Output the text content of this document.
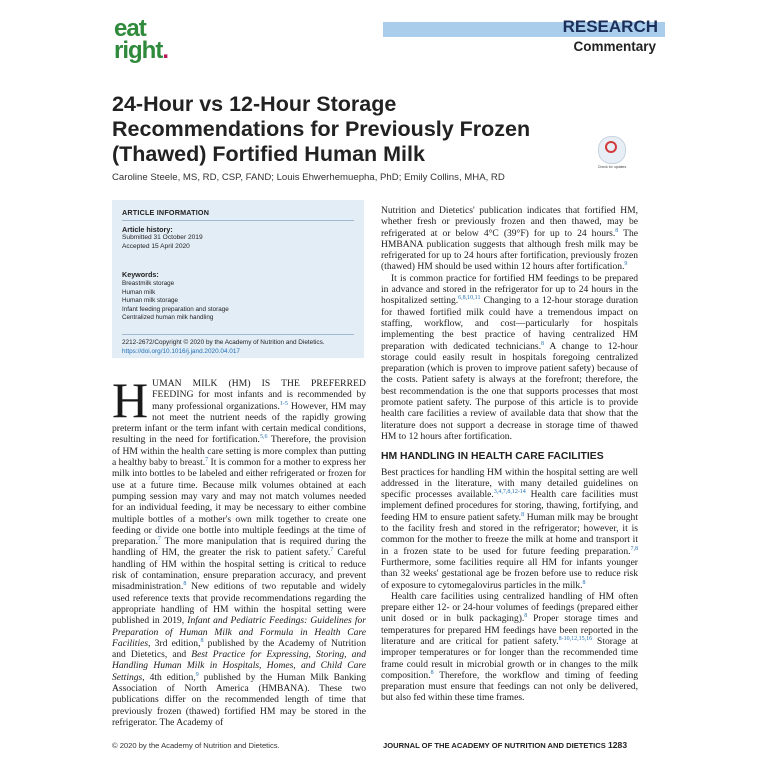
eat
right.
RESEARCH
Commentary
24-Hour vs 12-Hour Storage Recommendations for Previously Frozen (Thawed) Fortified Human Milk
Check for updates
Caroline Steele, MS, RD, CSP, FAND; Louis Ehwerhemuepha, PhD; Emily Collins, MHA, RD
ARTICLE INFORMATION
Article history:
Submitted 31 October 2019
Accepted 15 April 2020
Keywords:
Breastmilk storage
Human milk
Human milk storage
Infant feeding preparation and storage
Centralized human milk handling
2212-2672/Copyright © 2020 by the Academy of Nutrition and Dietetics.
https://doi.org/10.1016/j.jand.2020.04.017

HUMAN MILK (HM) IS THE PREFERRED FEEDING for most infants and is recommended by many professional organizations.$^{1-5}$ However, HM may not meet the nutrient needs of the rapidly growing preterm infant or the term infant with certain medical conditions, resulting in the need for fortification.$^{5,6}$ Therefore, the provision of HM within the health care setting is more complex than putting a healthy baby to breast.$^7$ It is common for a mother to express her milk into bottles to be labeled and either refrigerated or frozen for use at a future time. Because milk volumes obtained at each pumping session may vary and may not match volumes needed for an individual feeding, it may be necessary to either combine multiple bottles of a mother's own milk together to create one feeding or divide one bottle into multiple feedings at the time of preparation.$^7$ The more manipulation that is required during the handling of HM, the greater the risk to patient safety.$^7$ Careful handling of HM within the hospital setting is critical to reduce risk of contamination, ensure preparation accuracy, and prevent misadministration.$^8$ New editions of two reputable and widely used reference texts that provide recommendations regarding the appropriate handling of HM within the hospital setting were published in 2019, Infant and Pediatric Feedings: Guidelines for Preparation of Human Milk and Formula in Health Care Facilities, 3rd edition,$^8$ published by the Academy of Nutrition and Dietetics, and Best Practice for Expressing, Storing, and Handling Human Milk in Hospitals, Homes, and Child Care Settings, 4th edition,$^9$ published by the Human Milk Banking Association of North America (HMBANA). These two publications differ on the recommended length of time that previously frozen (thawed) fortified HM may be stored in the refrigerator. The Academy of

Nutrition and Dietetics' publication indicates that fortified HM, whether fresh or previously frozen and then thawed, may be refrigerated at or below 4°C (39°F) for up to 24 hours.$^8$ The HMBANA publication suggests that although fresh milk may be refrigerated for up to 24 hours after fortification, previously frozen (thawed) HM should be used within 12 hours after fortification.$^9$

It is common practice for fortified HM feedings to be prepared in advance and stored in the refrigerator for up to 24 hours in the hospitalized setting.$^{6,8,10,11}$ Changing to a 12-hour storage duration for thawed fortified milk could have a tremendous impact on staffing, workflow, and cost—particularly for hospitals implementing the best practice of having centralized HM preparation with dedicated technicians.$^8$ A change to 12-hour storage could easily result in hospitals foregoing centralized preparation (which is proven to improve patient safety) because of the costs. Patient safety is always at the forefront; therefore, the best recommendation is the one that supports processes that most promote patient safety. The purpose of this article is to provide health care facilities a review of available data that show that the literature does not support a decrease in storage time of thawed HM to 12 hours after fortification.

HM HANDLING IN HEALTH CARE FACILITIES

Best practices for handling HM within the hospital setting are well addressed in the literature, with many detailed guidelines on specific processes available.$^{3,4,7,8,12-14}$ Health care facilities must implement defined procedures for storing, thawing, fortifying, and feeding HM to ensure patient safety.$^8$ Human milk may be brought to the facility fresh and stored in the refrigerator; however, it is common for the mother to freeze the milk at home and transport it in a frozen state to be used for future feeding preparation.$^{7,8}$ Furthermore, some facilities require all HM for infants younger than 32 weeks' gestational age be frozen before use to reduce risk of exposure to cytomegalovirus particles in the milk.$^8$

Health care facilities using centralized handling of HM often prepare either 12- or 24-hour volumes of feedings (prepared either unit dosed or in bulk packaging).$^8$ Proper storage times and temperatures for prepared HM feedings have been reported in the literature and are critical for patient safety.$^{8-10,12,15,16}$ Storage at improper temperatures or for longer than the recommended time frame could result in microbial growth or in changes to the milk composition.$^8$ Therefore, the workflow and timing of feeding preparation must ensure that feedings can not only be delivered, but also fed within these time frames.

© 2020 by the Academy of Nutrition and Dietetics.	JOURNAL OF THE ACADEMY OF NUTRITION AND DIETETICS 1283
